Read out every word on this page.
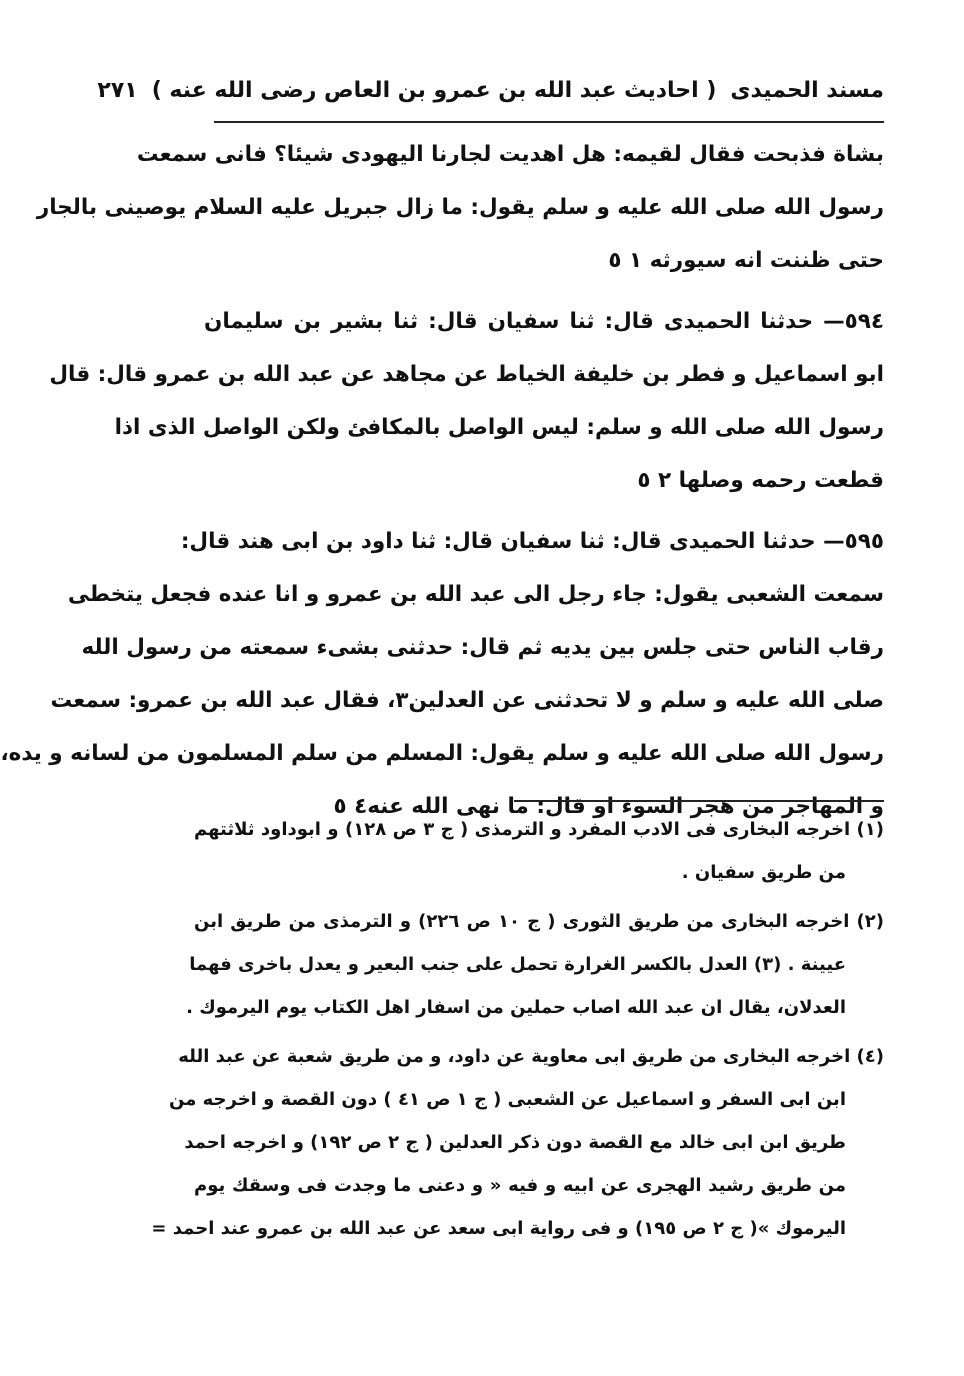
مسند الحميدى
( احاديث عبد الله بن عمرو بن العاص رضى الله عنه )
٢٧١
بشاة فذبحت فقال لقيمه: هل اهديت لجارنا اليهودى شيئا؟ فانى سمعت
رسول الله صلى الله عليه و سلم يقول: ما زال جبريل عليه السلام يوصينى بالجار
حتى ظننت انه سيورثه ١ ٥
٥٩٤— حدثنا الحميدى قال: ثنا سفيان قال: ثنا بشير بن سليمان
ابو اسماعيل و فطر بن خليفة الخياط عن مجاهد عن عبد الله بن عمرو قال: قال
رسول الله صلى الله و سلم: ليس الواصل بالمكافئ ولكن الواصل الذى اذا
قطعت رحمه وصلها ٢ ٥
٥٩٥— حدثنا الحميدى قال: ثنا سفيان قال: ثنا داود بن ابى هند قال:
سمعت الشعبى يقول: جاء رجل الى عبد الله بن عمرو و انا عنده فجعل يتخطى
رقاب الناس حتى جلس بين يديه ثم قال: حدثنى بشىء سمعته من رسول الله
صلى الله عليه و سلم و لا تحدثنى عن العدلين٣، فقال عبد الله بن عمرو: سمعت
رسول الله صلى الله عليه و سلم يقول: المسلم من سلم المسلمون من لسانه و يده،
و المهاجر من هجر السوء او قال: ما نهى الله عنه٤ ٥
(١) اخرجه البخارى فى الادب المفرد و الترمذى ( ج ٣ ص ١٢٨) و ابوداود ثلاثتهم
من طريق سفيان .
(٢) اخرجه البخارى من طريق الثورى ( ج ١٠ ص ٢٢٦) و الترمذى من طريق ابن
عيينة . (٣) العدل بالكسر الغرارة تحمل على جنب البعير و يعدل باخرى فهما
العدلان، يقال ان عبد الله اصاب حملين من اسفار اهل الكتاب يوم اليرموك .
(٤) اخرجه البخارى من طريق ابى معاوية عن داود، و من طريق شعبة عن عبد الله
ابن ابى السفر و اسماعيل عن الشعبى ( ج ١ ص ٤١ ) دون القصة و اخرجه من
طريق ابن ابى خالد مع القصة دون ذكر العدلين ( ج ٢ ص ١٩٢) و اخرجه احمد
من طريق رشيد الهجرى عن ابيه و فيه « و دعنى ما وجدت فى وسقك يوم
اليرموك »( ج ٢ ص ١٩٥) و فى رواية ابى سعد عن عبد الله بن عمرو عند احمد =
